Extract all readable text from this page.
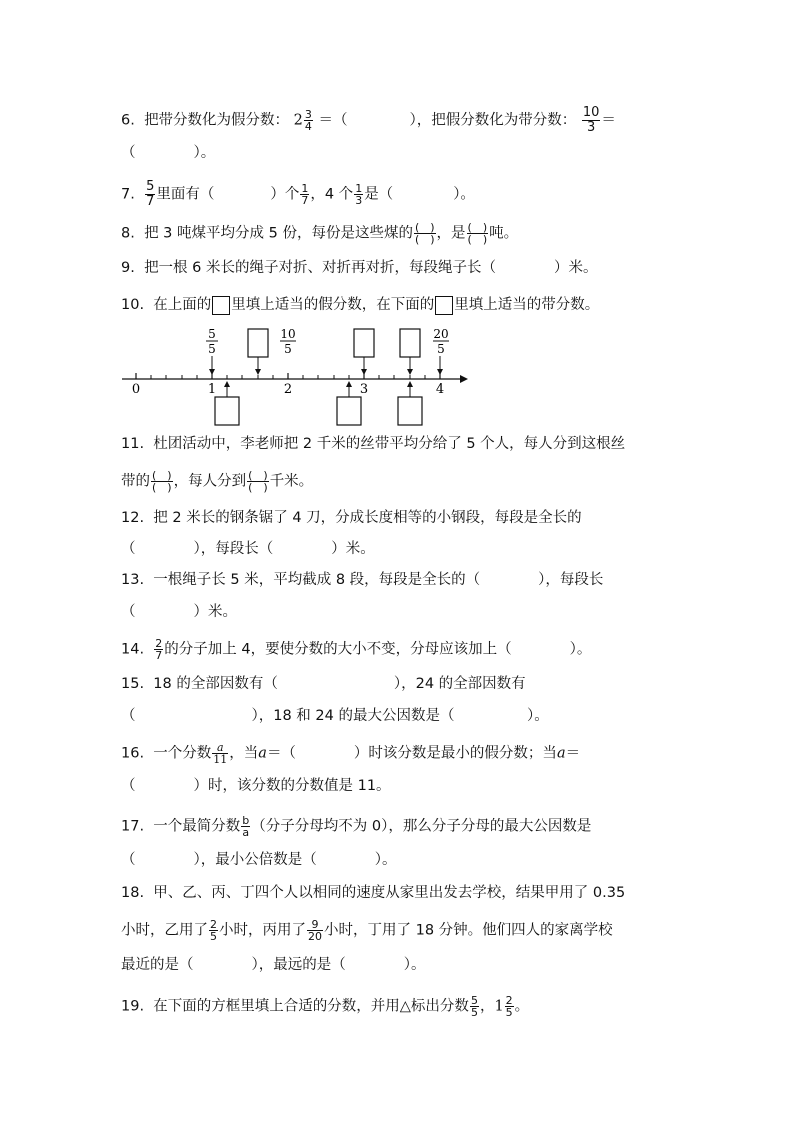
6. 把带分数化为假分数： $2 \frac{3}{4}$ ＝（	），把假分数化为带分数： $\frac{10}{3}$ ＝
（　　　　）。
7. $\frac{5}{7}$ 里面有（	）个 $\frac{1}{7}$ ，4 个 $\frac{1}{3}$ 是（	）。
8. 把 3 吨煤平均分成 5 份，每份是这些煤的 (　)
(　) ，是 (　)
(　) 吨。
9. 把一根 6 米长的绳子对折、对折再对折，每段绳子长（　　　　）米。
10. 在上面的 里填上适当的假分数，在下面的 里填上适当的带分数。
0	1	2	3	4
5
5
10
5
20
5
11. 杜团活动中，李老师把 2 千米的丝带平均分给了 5 个人，每人分到这根丝
带的 (　)
(　) ，每人分到 (　)
(　) 千米。
12. 把 2 米长的钢条锯了 4 刀，分成长度相等的小钢段，每段是全长的
（　　　　），每段长（　　　　）米。
13. 一根绳子长 5 米，平均截成 8 段，每段是全长的（　　　　），每段长
（　　　　）米。
14. $\frac{2}{7}$ 的分子加上 4，要使分数的大小不变，分母应该加上（　　　　）。
15. 18 的全部因数有（　　　　　　　　），24 的全部因数有
（　　　　　　　　），18 和 24 的最大公因数是（　　　　　）。
16. 一个分数 $\frac{a}{11}$ ，当a＝（　　　　）时该分数是最小的假分数；当a＝
（　　　　）时，该分数的分数值是 11。
17. 一个最简分数 $\frac{b}{a}$ （分子分母均不为 0），那么分子分母的最大公因数是
（　　　　），最小公倍数是（　　　　）。
18. 甲、乙、丙、丁四个人以相同的速度从家里出发去学校，结果甲用了 0.35
小时，乙用了 $\frac{2}{5}$ 小时，丙用了 $\frac{9}{20}$ 小时，丁用了 18 分钟。他们四人的家离学校
最近的是（　　　　），最远的是（　　　　）。
19. 在下面的方框里填上合适的分数，并用△标出分数 $\frac{5}{5}$ ，$1 \frac{2}{5}$ 。
